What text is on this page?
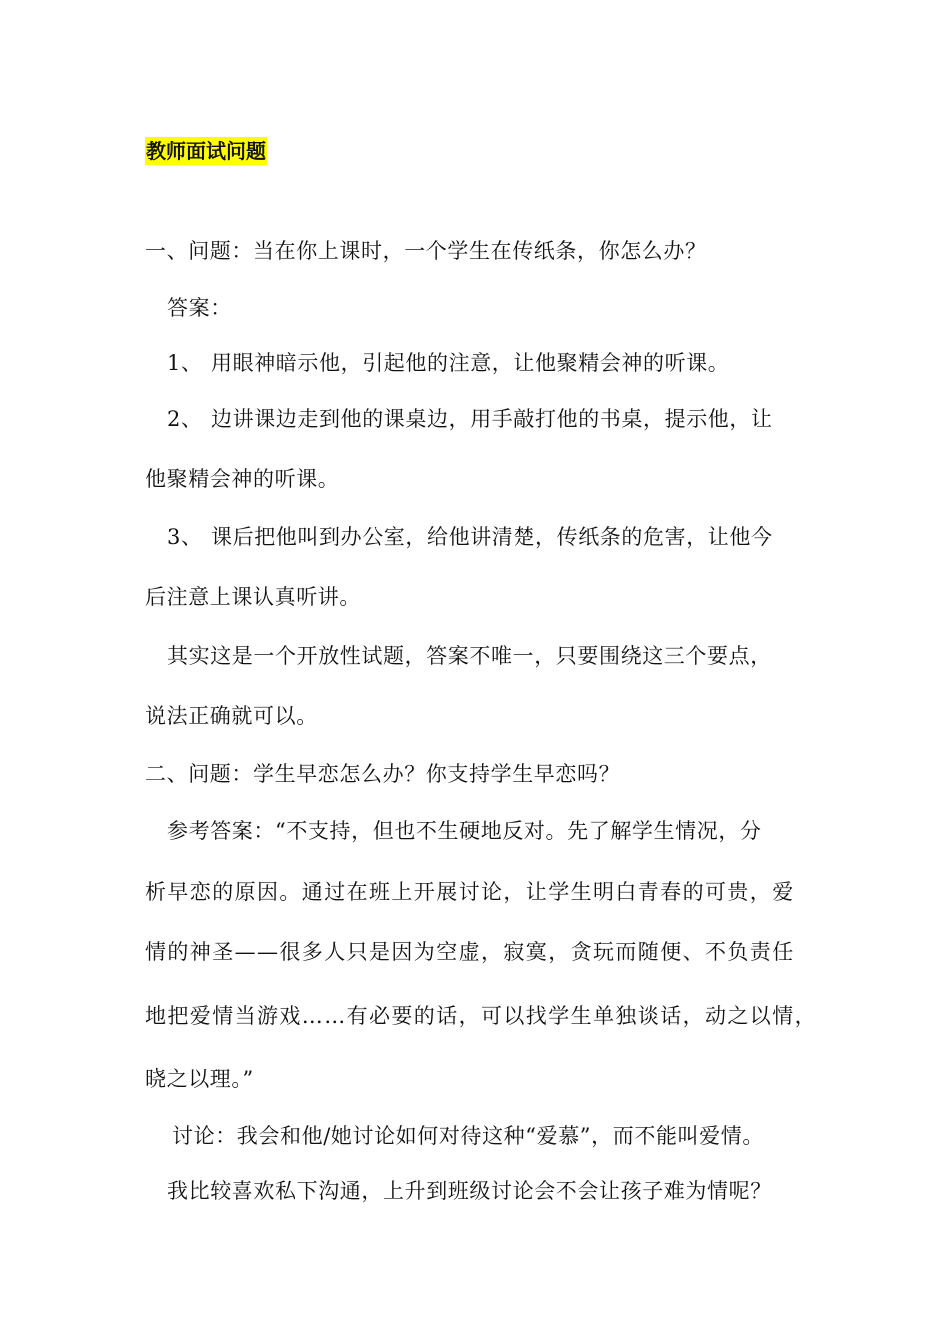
教师面试问题
一、问题：当在你上课时，一个学生在传纸条，你怎么办？
答案：
1、 用眼神暗示他，引起他的注意，让他聚精会神的听课。
2、 边讲课边走到他的课桌边，用手敲打他的书桌，提示他，让
他聚精会神的听课。
3、 课后把他叫到办公室，给他讲清楚，传纸条的危害，让他今
后注意上课认真听讲。
其实这是一个开放性试题，答案不唯一，只要围绕这三个要点，
说法正确就可以。
二、问题：学生早恋怎么办？你支持学生早恋吗？
参考答案：“不支持，但也不生硬地反对。先了解学生情况，分
析早恋的原因。通过在班上开展讨论，让学生明白青春的可贵，爱
情的神圣——很多人只是因为空虚，寂寞，贪玩而随便、不负责任
地把爱情当游戏……有必要的话，可以找学生单独谈话，动之以情，
晓之以理。”
讨论：我会和他/她讨论如何对待这种“爱慕”，而不能叫爱情。
我比较喜欢私下沟通，上升到班级讨论会不会让孩子难为情呢？
